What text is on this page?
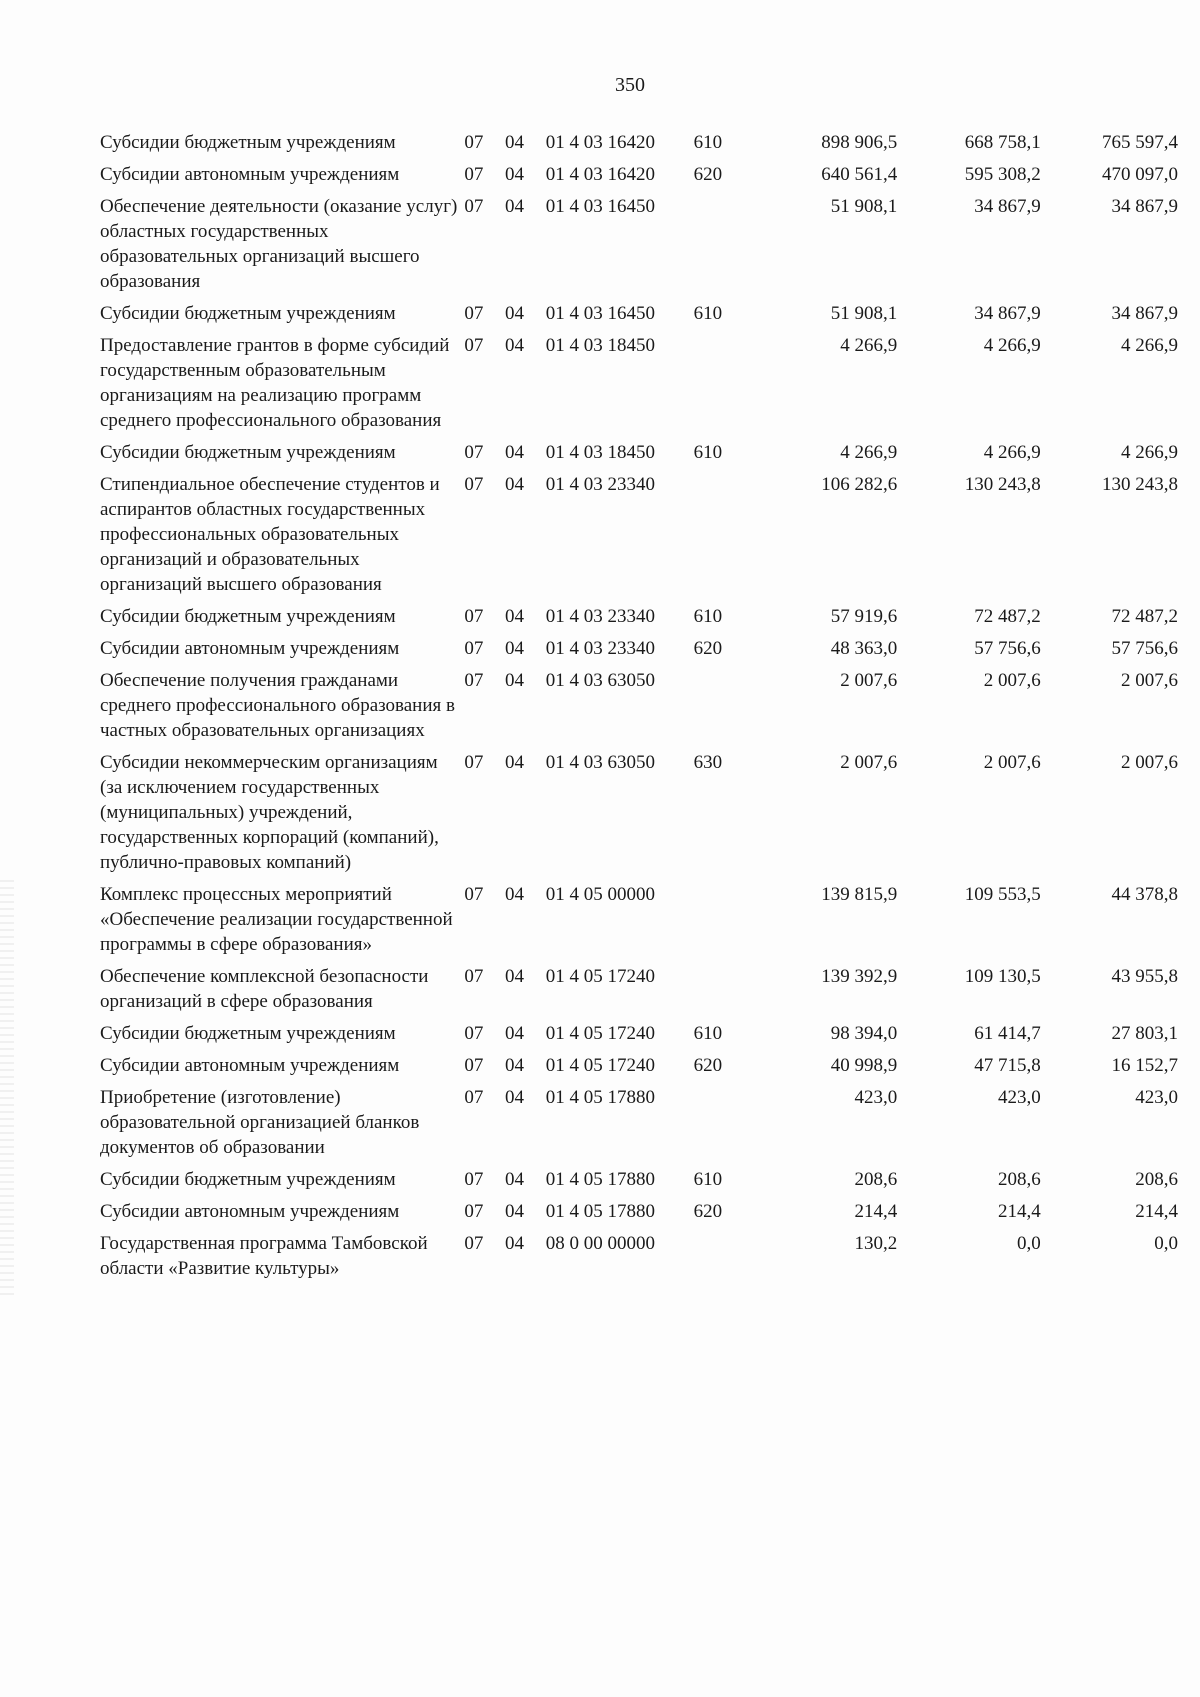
350
Субсидии бюджетным учреждениям	07	04	01 4 03 16420	610	898 906,5	668 758,1	765 597,4
Субсидии автономным учреждениям	07	04	01 4 03 16420	620	640 561,4	595 308,2	470 097,0
Обеспечение деятельности (оказание услуг) областных государственных образовательных организаций высшего образования	07	04	01 4 03 16450		51 908,1	34 867,9	34 867,9
Субсидии бюджетным учреждениям	07	04	01 4 03 16450	610	51 908,1	34 867,9	34 867,9
Предоставление грантов в форме субсидий государственным образовательным организациям на реализацию программ среднего профессионального образования	07	04	01 4 03 18450		4 266,9	4 266,9	4 266,9
Субсидии бюджетным учреждениям	07	04	01 4 03 18450	610	4 266,9	4 266,9	4 266,9
Стипендиальное обеспечение студентов и аспирантов областных государственных профессиональных образовательных организаций и образовательных организаций высшего образования	07	04	01 4 03 23340		106 282,6	130 243,8	130 243,8
Субсидии бюджетным учреждениям	07	04	01 4 03 23340	610	57 919,6	72 487,2	72 487,2
Субсидии автономным учреждениям	07	04	01 4 03 23340	620	48 363,0	57 756,6	57 756,6
Обеспечение получения гражданами среднего профессионального образования в частных образовательных организациях	07	04	01 4 03 63050		2 007,6	2 007,6	2 007,6
Субсидии некоммерческим организациям (за исключением государственных (муниципальных) учреждений, государственных корпораций (компаний), публично-правовых компаний)	07	04	01 4 03 63050	630	2 007,6	2 007,6	2 007,6
Комплекс процессных мероприятий «Обеспечение реализации государственной программы в сфере образования»	07	04	01 4 05 00000		139 815,9	109 553,5	44 378,8
Обеспечение комплексной безопасности организаций в сфере образования	07	04	01 4 05 17240		139 392,9	109 130,5	43 955,8
Субсидии бюджетным учреждениям	07	04	01 4 05 17240	610	98 394,0	61 414,7	27 803,1
Субсидии автономным учреждениям	07	04	01 4 05 17240	620	40 998,9	47 715,8	16 152,7
Приобретение (изготовление) образовательной организацией бланков документов об образовании	07	04	01 4 05 17880		423,0	423,0	423,0
Субсидии бюджетным учреждениям	07	04	01 4 05 17880	610	208,6	208,6	208,6
Субсидии автономным учреждениям	07	04	01 4 05 17880	620	214,4	214,4	214,4
Государственная программа Тамбовской области «Развитие культуры»	07	04	08 0 00 00000		130,2	0,0	0,0
